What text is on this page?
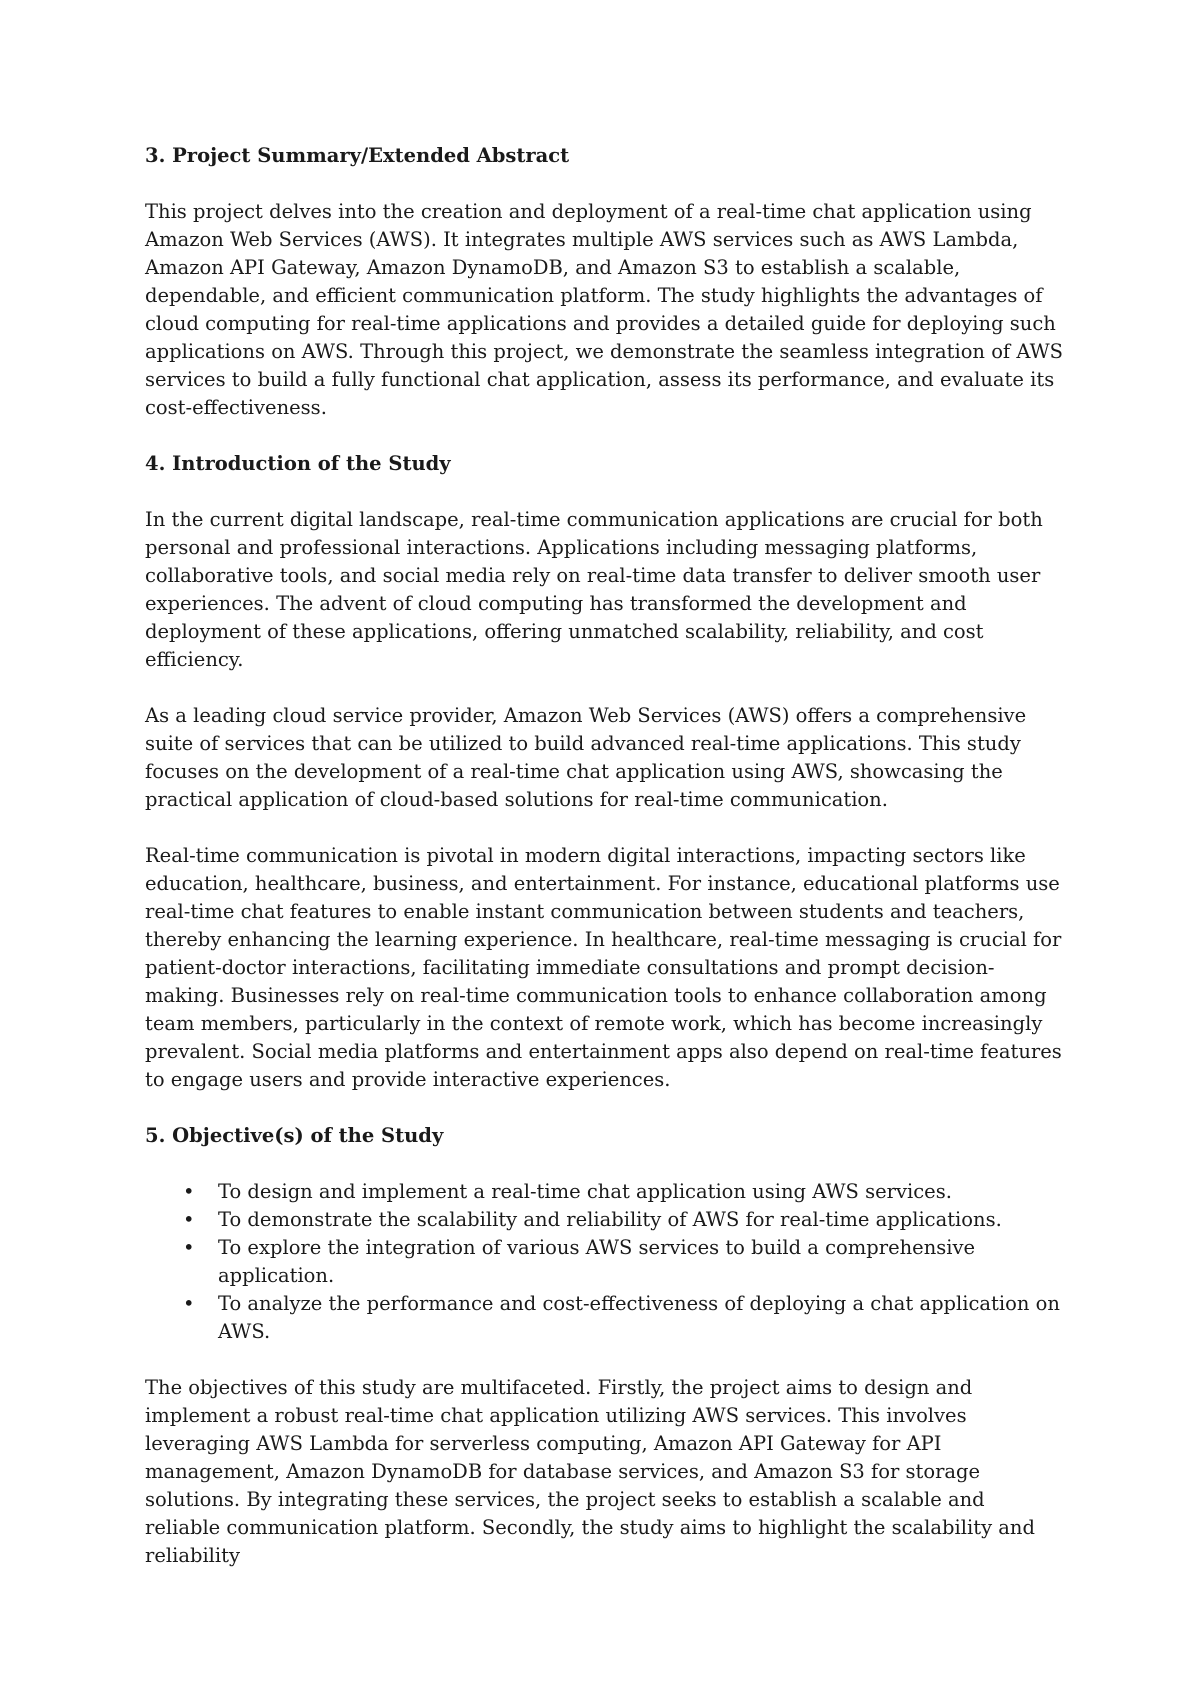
3. Project Summary/Extended Abstract
This project delves into the creation and deployment of a real-time chat application using Amazon Web Services (AWS). It integrates multiple AWS services such as AWS Lambda, Amazon API Gateway, Amazon DynamoDB, and Amazon S3 to establish a scalable, dependable, and efficient communication platform. The study highlights the advantages of cloud computing for real-time applications and provides a detailed guide for deploying such applications on AWS. Through this project, we demonstrate the seamless integration of AWS services to build a fully functional chat application, assess its performance, and evaluate its cost-effectiveness.
4. Introduction of the Study
In the current digital landscape, real-time communication applications are crucial for both personal and professional interactions. Applications including messaging platforms, collaborative tools, and social media rely on real-time data transfer to deliver smooth user experiences. The advent of cloud computing has transformed the development and deployment of these applications, offering unmatched scalability, reliability, and cost efficiency.
As a leading cloud service provider, Amazon Web Services (AWS) offers a comprehensive suite of services that can be utilized to build advanced real-time applications. This study focuses on the development of a real-time chat application using AWS, showcasing the practical application of cloud-based solutions for real-time communication.
Real-time communication is pivotal in modern digital interactions, impacting sectors like education, healthcare, business, and entertainment. For instance, educational platforms use real-time chat features to enable instant communication between students and teachers, thereby enhancing the learning experience. In healthcare, real-time messaging is crucial for patient-doctor interactions, facilitating immediate consultations and prompt decision-making. Businesses rely on real-time communication tools to enhance collaboration among team members, particularly in the context of remote work, which has become increasingly prevalent. Social media platforms and entertainment apps also depend on real-time features to engage users and provide interactive experiences.
5. Objective(s) of the Study
• To design and implement a real-time chat application using AWS services.
• To demonstrate the scalability and reliability of AWS for real-time applications.
• To explore the integration of various AWS services to build a comprehensive application.
• To analyze the performance and cost-effectiveness of deploying a chat application on AWS.
The objectives of this study are multifaceted. Firstly, the project aims to design and implement a robust real-time chat application utilizing AWS services. This involves leveraging AWS Lambda for serverless computing, Amazon API Gateway for API management, Amazon DynamoDB for database services, and Amazon S3 for storage solutions. By integrating these services, the project seeks to establish a scalable and reliable communication platform. Secondly, the study aims to highlight the scalability and reliability
